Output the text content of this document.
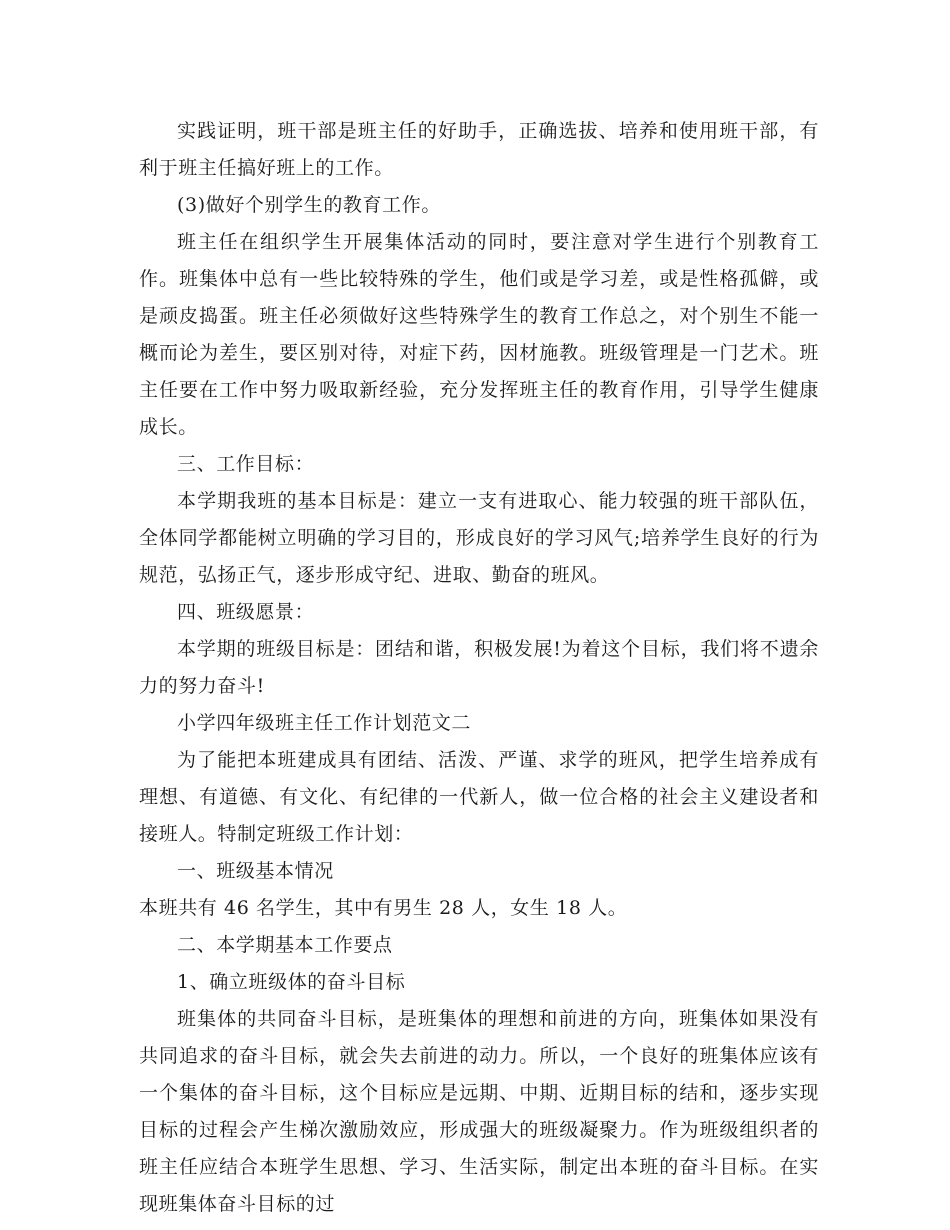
实践证明，班干部是班主任的好助手，正确选拔、培养和使用班干部，有利于班主任搞好班上的工作。

(3)做好个别学生的教育工作。

班主任在组织学生开展集体活动的同时，要注意对学生进行个别教育工作。班集体中总有一些比较特殊的学生，他们或是学习差，或是性格孤僻，或是顽皮捣蛋。班主任必须做好这些特殊学生的教育工作总之，对个别生不能一概而论为差生，要区别对待，对症下药，因材施教。班级管理是一门艺术。班主任要在工作中努力吸取新经验，充分发挥班主任的教育作用，引导学生健康成长。

三、工作目标：

本学期我班的基本目标是：建立一支有进取心、能力较强的班干部队伍，全体同学都能树立明确的学习目的，形成良好的学习风气;培养学生良好的行为规范，弘扬正气，逐步形成守纪、进取、勤奋的班风。

四、班级愿景：

本学期的班级目标是：团结和谐，积极发展!为着这个目标，我们将不遗余力的努力奋斗!

小学四年级班主任工作计划范文二

为了能把本班建成具有团结、活泼、严谨、求学的班风，把学生培养成有理想、有道德、有文化、有纪律的一代新人，做一位合格的社会主义建设者和接班人。特制定班级工作计划：

一、班级基本情况

本班共有 46 名学生，其中有男生 28 人，女生 18 人。

二、本学期基本工作要点

1、确立班级体的奋斗目标

班集体的共同奋斗目标，是班集体的理想和前进的方向，班集体如果没有共同追求的奋斗目标，就会失去前进的动力。所以，一个良好的班集体应该有一个集体的奋斗目标，这个目标应是远期、中期、近期目标的结和，逐步实现目标的过程会产生梯次激励效应，形成强大的班级凝聚力。作为班级组织者的班主任应结合本班学生思想、学习、生活实际，制定出本班的奋斗目标。在实现班集体奋斗目标的过
